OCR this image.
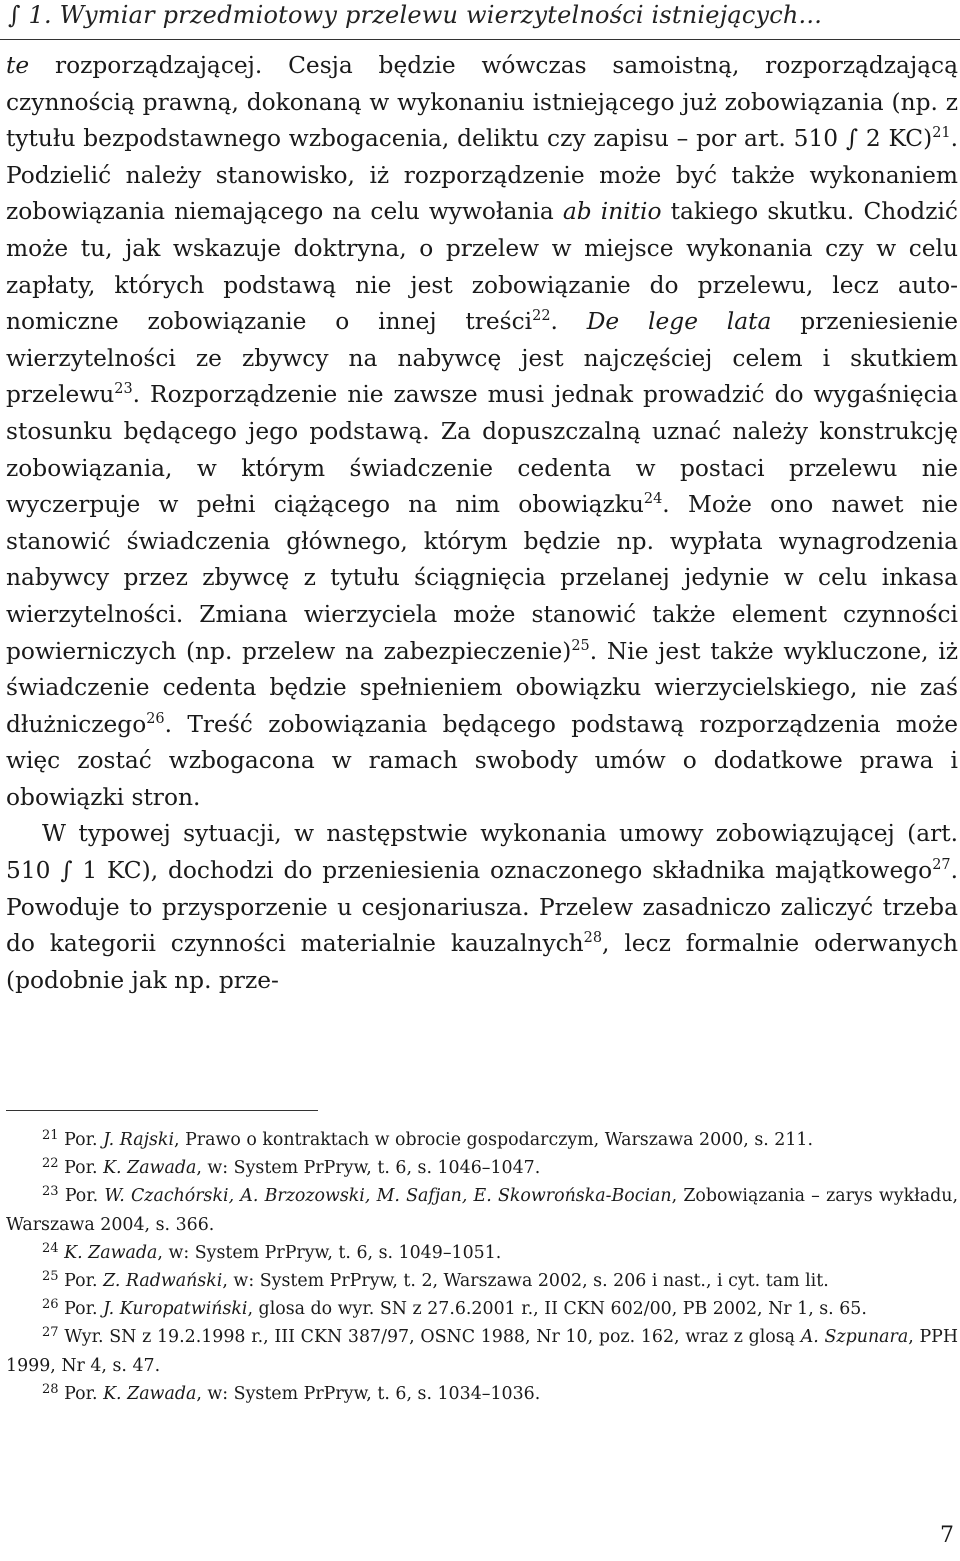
∫ 1. Wymiar przedmiotowy przelewu wierzytelności istniejących...

te rozporządzającej. Cesja będzie wówczas samoistną, rozporządzającą czynnością prawną, dokonaną w wykonaniu istniejącego już zobowiązania (np. z tytułu bezpodstawnego wzbogacenia, deliktu czy zapisu – por art. 510 ∫ 2 KC)$^{21}$. Podzielić należy stanowisko, iż rozporządzenie może być także wykonaniem zobowiązania niemającego na celu wywołania ab initio takiego skutku. Chodzić może tu, jak wskazuje doktryna, o przelew w miejsce wykonania czy w celu zapłaty, których podstawą nie jest zobowiązanie do przelewu, lecz autonomiczne zobowiązanie o innej treści$^{22}$. De lege lata przeniesienie wierzytelności ze zbywcy na nabywcę jest najczęściej celem i skutkiem przelewu$^{23}$. Rozporządzenie nie zawsze musi jednak prowadzić do wygaśnięcia stosunku będącego jego podstawą. Za dopuszczalną uznać należy konstrukcję zobowiązania, w którym świadczenie cedenta w postaci przelewu nie wyczerpuje w pełni ciążącego na nim obowiązku$^{24}$. Może ono nawet nie stanowić świadczenia głównego, którym będzie np. wypłata wynagrodzenia nabywcy przez zbywcę z tytułu ściągnięcia przelanej jedynie w celu inkasa wierzytelności. Zmiana wierzyciela może stanowić także element czynności powierniczych (np. przelew na zabezpieczenie)$^{25}$. Nie jest także wykluczone, iż świadczenie cedenta będzie spełnieniem obowiązku wierzycielskiego, nie zaś dłużniczego$^{26}$. Treść zobowiązania będącego podstawą rozporządzenia może więc zostać wzbogacona w ramach swobody umów o dodatkowe prawa i obowiązki stron.

W typowej sytuacji, w następstwie wykonania umowy zobowiązującej (art. 510 ∫ 1 KC), dochodzi do przeniesienia oznaczonego składnika majątkowego$^{27}$. Powoduje to przysporzenie u cesjonariusza. Przelew zasadniczo zaliczyć trzeba do kategorii czynności materialnie kauzalnych$^{28}$, lecz formalnie oderwanych (podobnie jak np. prze-

$^{21}$ Por. J. Rajski, Prawo o kontraktach w obrocie gospodarczym, Warszawa 2000, s. 211.

$^{22}$ Por. K. Zawada, w: System PrPryw, t. 6, s. 1046–1047.

$^{23}$ Por. W. Czachórski, A. Brzozowski, M. Safjan, E. Skowrońska-Bocian, Zobowiązania – zarys wykładu, Warszawa 2004, s. 366.

$^{24}$ K. Zawada, w: System PrPryw, t. 6, s. 1049–1051.

$^{25}$ Por. Z. Radwański, w: System PrPryw, t. 2, Warszawa 2002, s. 206 i nast., i cyt. tam lit.

$^{26}$ Por. J. Kuropatwiński, glosa do wyr. SN z 27.6.2001 r., II CKN 602/00, PB 2002, Nr 1, s. 65.

$^{27}$ Wyr. SN z 19.2.1998 r., III CKN 387/97, OSNC 1988, Nr 10, poz. 162, wraz z glosą A. Szpunara, PPH 1999, Nr 4, s. 47.

$^{28}$ Por. K. Zawada, w: System PrPryw, t. 6, s. 1034–1036.

7
